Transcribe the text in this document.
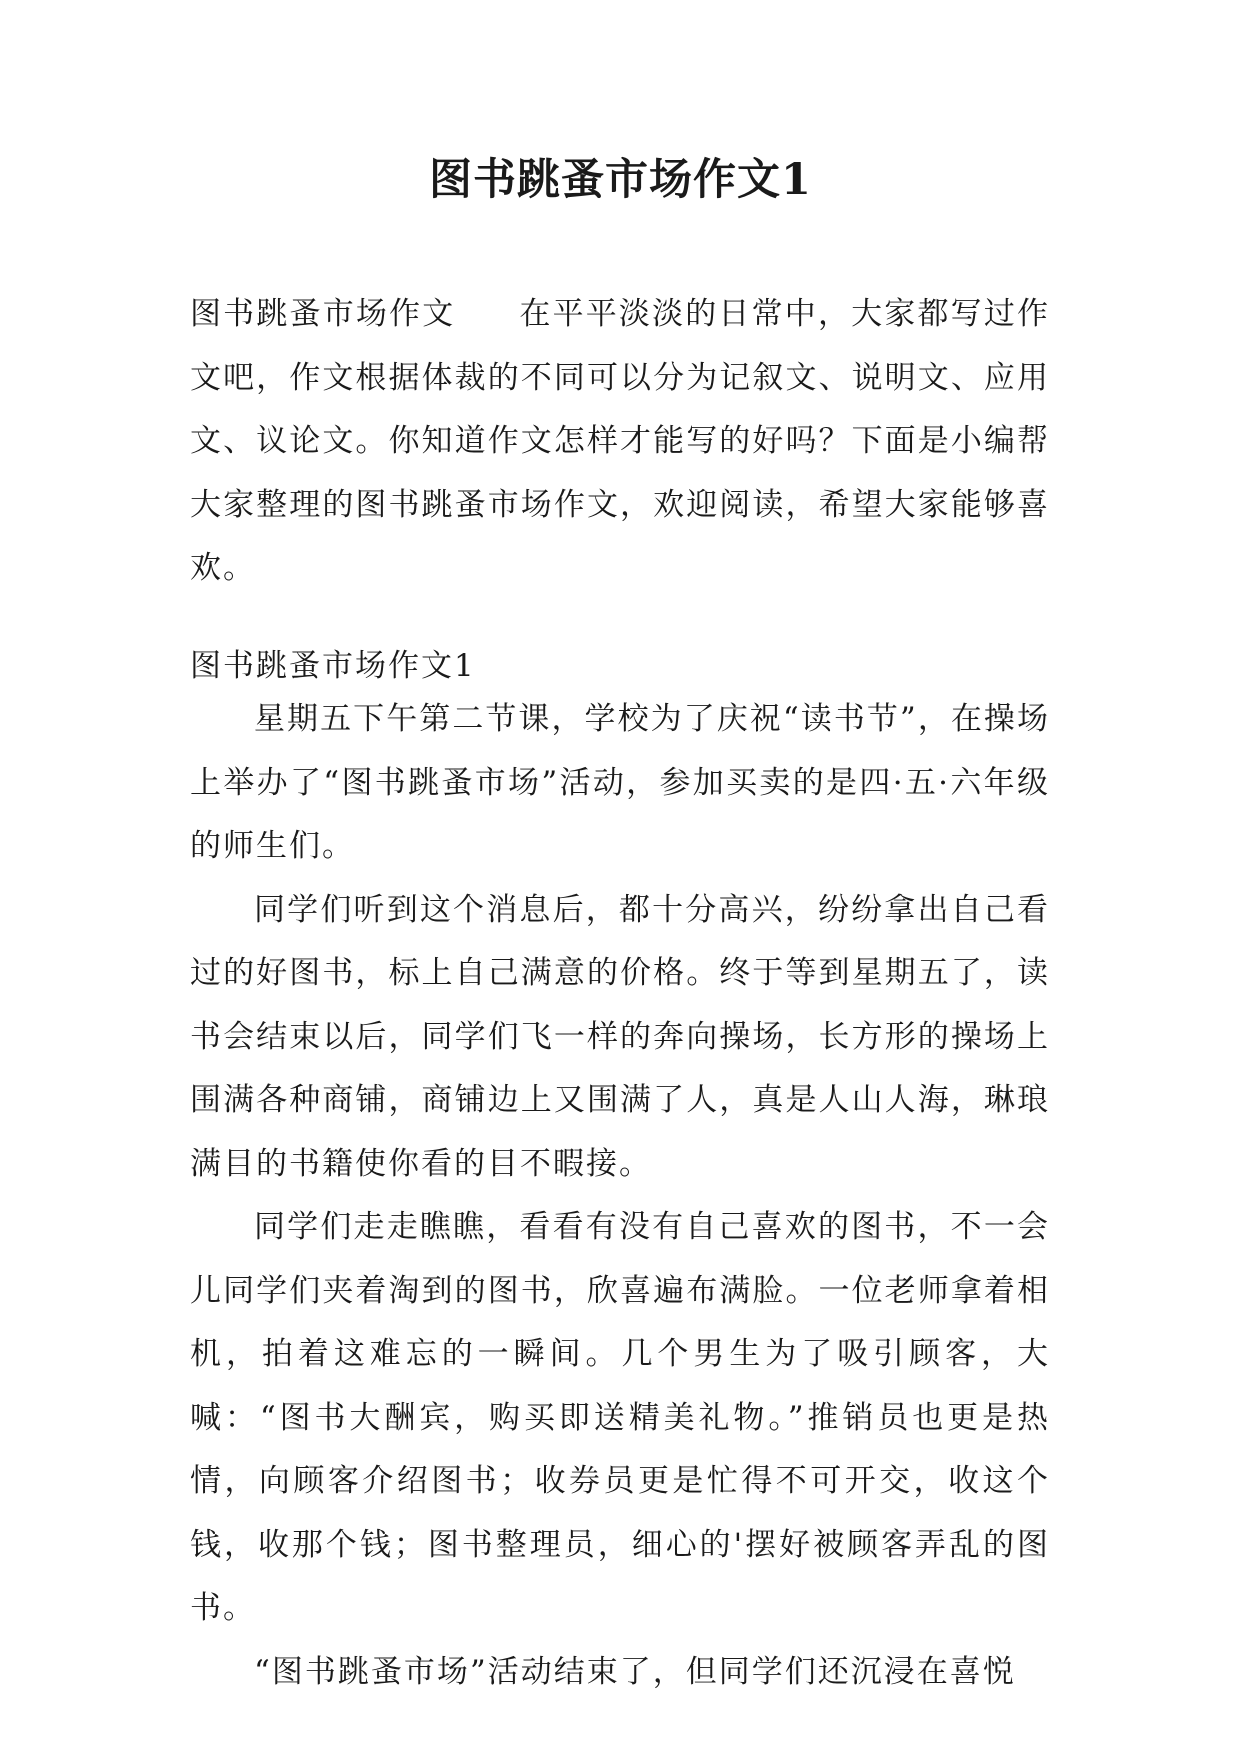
图书跳蚤市场作文1

图书跳蚤市场作文 在平平淡淡的日常中，大家都写过作文吧，作文根据体裁的不同可以分为记叙文、说明文、应用文、议论文。你知道作文怎样才能写的好吗？下面是小编帮大家整理的图书跳蚤市场作文，欢迎阅读，希望大家能够喜欢。

图书跳蚤市场作文1

星期五下午第二节课，学校为了庆祝“读书节”，在操场上举办了“图书跳蚤市场”活动，参加买卖的是四·五·六年级的师生们。

同学们听到这个消息后，都十分高兴，纷纷拿出自己看过的好图书，标上自己满意的价格。终于等到星期五了，读书会结束以后，同学们飞一样的奔向操场，长方形的操场上围满各种商铺，商铺边上又围满了人，真是人山人海，琳琅满目的书籍使你看的目不暇接。

同学们走走瞧瞧，看看有没有自己喜欢的图书，不一会儿同学们夹着淘到的图书，欣喜遍布满脸。一位老师拿着相机，拍着这难忘的一瞬间。几个男生为了吸引顾客，大喊：“图书大酬宾，购买即送精美礼物。”推销员也更是热情，向顾客介绍图书；收券员更是忙得不可开交，收这个钱，收那个钱；图书整理员，细心的'摆好被顾客弄乱的图书。

“图书跳蚤市场”活动结束了，但同学们还沉浸在喜悦
